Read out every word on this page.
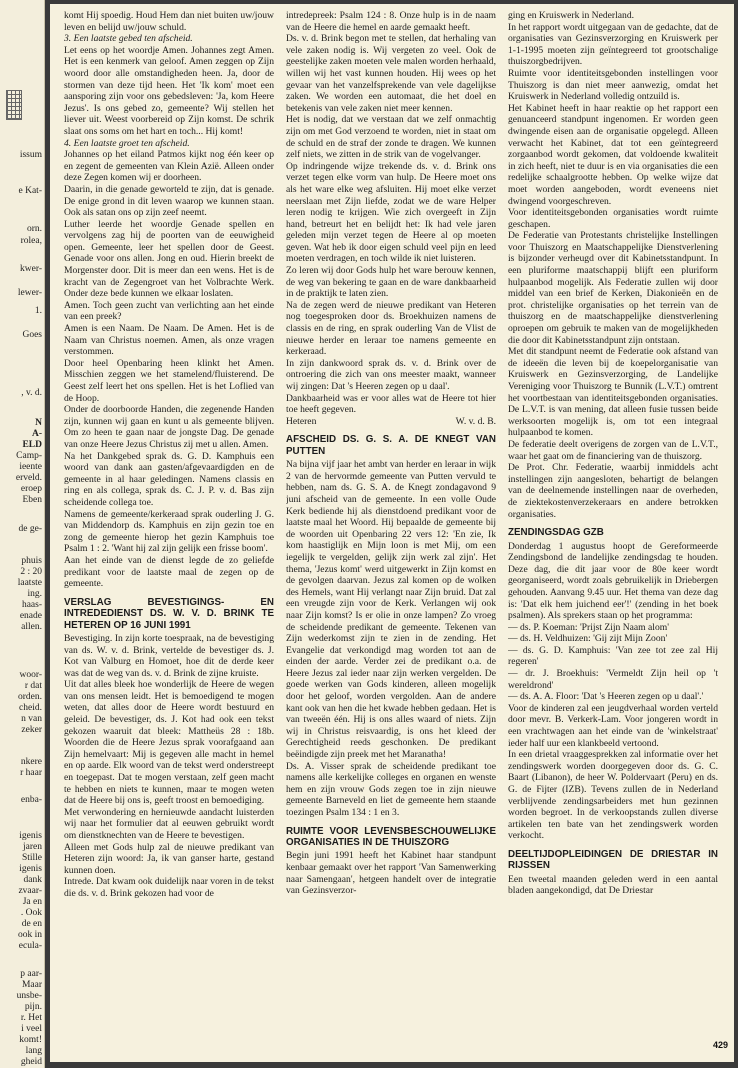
issum
e Kat-
orn.
rolea,
kwer-
lewer-
1.
Goes
, v. d.
N
A-
ELD
Camp-
ieente
erveld.
eroep
Eben
de ge-
phuis
2 : 20
laatste
ing.
haas-
enade
allen.
woor-
r dat
orden.
cheid.
n van
zeker
nkere
r haar
enba-
igenis
jaren
Stille
igenis
dank
zvaar-
Ja en
. Ook
de en
ook in
ecula-
p aar-
Maar
unsbe-
pijn.
r. Het
i veel
komt!
lang
gheid

komt Hij spoedig. Houd Hem dan niet buiten uw/jouw leven en belijd uw/jouw schuld.

3. Een laatste gebed ten afscheid.

Let eens op het woordje Amen. Johannes zegt Amen. Het is een kenmerk van geloof. Amen zeggen op Zijn woord door alle omstandigheden heen. Ja, door de stormen van deze tijd heen. Het 'Ik kom' moet een aansporing zijn voor ons gebedsleven: 'Ja, kom Heere Jezus'. Is ons gebed zo, gemeente? Wij stellen het liever uit. Weest voorbereid op Zijn komst. De schrik slaat ons soms om het hart en toch... Hij komt!

4. Een laatste groet ten afscheid.

Johannes op het eiland Patmos kijkt nog één keer op en zegent de gemeenten van Klein Azië. Alleen onder deze Zegen komen wij er doorheen.

Daarin, in die genade geworteld te zijn, dat is genade. De enige grond in dit leven waarop we kunnen staan. Ook als satan ons op zijn zeef neemt.

Luther leerde het woordje Genade spellen en vervolgens zag hij de poorten van de eeuwigheid open. Gemeente, leer het spellen door de Geest. Genade voor ons allen. Jong en oud. Hierin breekt de Morgenster door. Dit is meer dan een wens. Het is de kracht van de Zegengroet van het Volbrachte Werk. Onder deze bede kunnen we elkaar loslaten.

Amen. Toch geen zucht van verlichting aan het einde van een preek?

Amen is een Naam. De Naam. De Amen. Het is de Naam van Christus noemen. Amen, als onze vragen verstommen.

Door heel Openbaring heen klinkt het Amen. Misschien zeggen we het stamelend/fluisterend. De Geest zelf leert het ons spellen. Het is het Loflied van de Hoop.

Onder de doorboorde Handen, die zegenende Handen zijn, kunnen wij gaan en kunt u als gemeente blijven. Om zo heen te gaan naar de jongste Dag. De genade van onze Heere Jezus Christus zij met u allen. Amen.

Na het Dankgebed sprak ds. G. D. Kamphuis een woord van dank aan gasten/afgevaardigden en de gemeente in al haar geledingen. Namens classis en ring en als collega, sprak ds. C. J. P. v. d. Bas zijn scheidende collega toe.

Namens de gemeente/kerkeraad sprak ouderling J. G. van Middendorp ds. Kamphuis en zijn gezin toe en zong de gemeente hierop het gezin Kamphuis toe Psalm 1 : 2. 'Want hij zal zijn gelijk een frisse boom'.

Aan het einde van de dienst legde de zo geliefde predikant voor de laatste maal de zegen op de gemeente.

VERSLAG BEVESTIGINGS- EN INTREDEDIENST DS. W. V. D. BRINK TE HETEREN OP 16 JUNI 1991

Bevestiging. In zijn korte toespraak, na de bevestiging van ds. W. v. d. Brink, vertelde de bevestiger ds. J. Kot van Valburg en Homoet, hoe dit de derde keer was dat de weg van ds. v. d. Brink de zijne kruiste.

Uit dat alles bleek hoe wonderlijk de Heere de wegen van ons mensen leidt. Het is bemoedigend te mogen weten, dat alles door de Heere wordt bestuurd en geleid. De bevestiger, ds. J. Kot had ook een tekst gekozen waaruit dat bleek: Mattheüs 28 : 18b. Woorden die de Heere Jezus sprak voorafgaand aan Zijn hemelvaart: Mij is gegeven alle macht in hemel en op aarde. Elk woord van de tekst werd onderstreept en toegepast. Dat te mogen verstaan, zelf geen macht te hebben en niets te kunnen, maar te mogen weten dat de Heere bij ons is, geeft troost en bemoediging.

Met verwondering en hernieuwde aandacht luisterden wij naar het formulier dat al eeuwen gebruikt wordt om dienstknechten van de Heere te bevestigen.

Alleen met Gods hulp zal de nieuwe predikant van Heteren zijn woord: Ja, ik van ganser harte, gestand kunnen doen.

Intrede. Dat kwam ook duidelijk naar voren in de tekst die ds. v. d. Brink gekozen had voor de

intredepreek: Psalm 124 : 8. Onze hulp is in de naam van de Heere die hemel en aarde gemaakt heeft.

Ds. v. d. Brink begon met te stellen, dat herhaling van vele zaken nodig is. Wij vergeten zo veel. Ook de geestelijke zaken moeten vele malen worden herhaald, willen wij het vast kunnen houden. Hij wees op het gevaar van het vanzelfsprekende van vele dagelijkse zaken. We worden een automaat, die het doel en betekenis van vele zaken niet meer kennen.

Het is nodig, dat we verstaan dat we zelf onmachtig zijn om met God verzoend te worden, niet in staat om de schuld en de straf der zonde te dragen. We kunnen zelf niets, we zitten in de strik van de vogelvanger.

Op indringende wijze trekende ds. v. d. Brink ons verzet tegen elke vorm van hulp. De Heere moet ons als het ware elke weg afsluiten. Hij moet elke verzet neerslaan met Zijn liefde, zodat we de ware Helper leren nodig te krijgen. Wie zich overgeeft in Zijn hand, betreurt het en belijdt het: Ik had vele jaren geleden mijn verzet tegen de Heere al op moeten geven. Wat heb ik door eigen schuld veel pijn en leed moeten verdragen, en toch wilde ik niet luisteren.

Zo leren wij door Gods hulp het ware berouw kennen, de weg van bekering te gaan en de ware dankbaarheid in de praktijk te laten zien.

Na de zegen werd de nieuwe predikant van Heteren nog toegesproken door ds. Broekhuizen namens de classis en de ring, en sprak ouderling Van de Vlist de nieuwe herder en leraar toe namens gemeente en kerkeraad.

In zijn dankwoord sprak ds. v. d. Brink over de ontroering die zich van ons meester maakt, wanneer wij zingen: Dat 's Heeren zegen op u daal'.

Dankbaarheid was er voor alles wat de Heere tot hier toe heeft gegeven.

Heteren	W. v. d. B.
AFSCHEID DS. G. S. A. DE KNEGT VAN PUTTEN

Na bijna vijf jaar het ambt van herder en leraar in wijk 2 van de hervormde gemeente van Putten vervuld te hebben, nam ds. G. S. A. de Knegt zondagavond 9 juni afscheid van de gemeente. In een volle Oude Kerk bediende hij als dienstdoend predikant voor de laatste maal het Woord. Hij bepaalde de gemeente bij de woorden uit Openbaring 22 vers 12: 'En zie, Ik kom haastiglijk en Mijn loon is met Mij, om een iegelijk te vergelden, gelijk zijn werk zal zijn'. Het thema, 'Jezus komt' werd uitgewerkt in Zijn komst en de gevolgen daarvan. Jezus zal komen op de wolken des Hemels, want Hij verlangt naar Zijn bruid. Dat zal een vreugde zijn voor de Kerk. Verlangen wij ook naar Zijn komst? Is er olie in onze lampen? Zo vroeg de scheidende predikant de gemeente. Tekenen van Zijn wederkomst zijn te zien in de zending. Het Evangelie dat verkondigd mag worden tot aan de einden der aarde. Verder zei de predikant o.a. de Heere Jezus zal ieder naar zijn werken vergelden. De goede werken van Gods kinderen, alleen mogelijk door het geloof, worden vergolden. Aan de andere kant ook van hen die het kwade hebben gedaan. Het is van tweeën één. Hij is ons alles waard of niets. Zijn wij in Christus reisvaardig, is ons het kleed der Gerechtigheid reeds geschonken. De predikant beëindigde zijn preek met het Maranatha!

Ds. A. Visser sprak de scheidende predikant toe namens alle kerkelijke colleges en organen en wenste hem en zijn vrouw Gods zegen toe in zijn nieuwe gemeente Barneveld en liet de gemeente hem staande toezingen Psalm 134 : 1 en 3.

RUIMTE VOOR LEVENSBESCHOUWELIJKE ORGANISATIES IN DE THUISZORG

Begin juni 1991 heeft het Kabinet haar standpunt kenbaar gemaakt over het rapport 'Van Samenwerking naar Samengaan', hetgeen handelt over de integratie van Gezinsverzor-

ging en Kruiswerk in Nederland.

In het rapport wordt uitgegaan van de gedachte, dat de organisaties van Gezinsverzorging en Kruiswerk per 1-1-1995 moeten zijn geïntegreerd tot grootschalige thuiszorgbedrijven.

Ruimte voor identiteitsgebonden instellingen voor Thuiszorg is dan niet meer aanwezig, omdat het Kruiswerk in Nederland volledig ontzuild is.

Het Kabinet heeft in haar reaktie op het rapport een genuanceerd standpunt ingenomen. Er worden geen dwingende eisen aan de organisatie opgelegd. Alleen verwacht het Kabinet, dat tot een geïntegreerd zorgaanbod wordt gekomen, dat voldoende kwaliteit in zich heeft, niet te duur is en via organisaties die een redelijke schaalgrootte hebben. Op welke wijze dat moet worden aangeboden, wordt eveneens niet dwingend voorgeschreven.

Voor identiteitsgebonden organisaties wordt ruimte geschapen.

De Federatie van Protestants christelijke Instellingen voor Thuiszorg en Maatschappelijke Dienstverlening is bijzonder verheugd over dit Kabinetsstandpunt. In een pluriforme maatschappij blijft een pluriform hulpaanbod mogelijk. Als Federatie zullen wij door middel van een brief de Kerken, Diakonieën en de prot. christelijke organisaties op het terrein van de thuiszorg en de maatschappelijke dienstverlening oproepen om gebruik te maken van de mogelijkheden die door dit Kabinetsstandpunt zijn ontstaan.

Met dit standpunt neemt de Federatie ook afstand van de ideeën die leven bij de koepelorganisatie van Kruiswerk en Gezinsverzorging, de Landelijke Vereniging voor Thuiszorg te Bunnik (L.V.T.) omtrent het voortbestaan van identiteitsgebonden organisaties. De L.V.T. is van mening, dat alleen fusie tussen beide werksoorten mogelijk is, om tot een integraal hulpaanbod te komen.

De federatie deelt overigens de zorgen van de L.V.T., waar het gaat om de financiering van de thuiszorg.

De Prot. Chr. Federatie, waarbij inmiddels acht instellingen zijn aangesloten, behartigt de belangen van de deelnemende instellingen naar de overheden, de ziektekostenverzekeraars en andere betrokken organisaties.

ZENDINGSDAG GZB

Donderdag 1 augustus hoopt de Gereformeerde Zendingsbond de landelijke zendingsdag te houden. Deze dag, die dit jaar voor de 80e keer wordt georganiseerd, wordt zoals gebruikelijk in Driebergen gehouden. Aanvang 9.45 uur. Het thema van deze dag is: 'Dat elk hem juichend eer'!' (zending in het boek psalmen). Als sprekers staan op het programma:

— ds. P. Koeman: 'Prijst Zijn Naam alom'

— ds. H. Veldhuizen: 'Gij zijt Mijn Zoon'

— ds. G. D. Kamphuis: 'Van zee tot zee zal Hij regeren'

— dr. J. Broekhuis: 'Vermeldt Zijn heil op 't wereldrond'

— ds. A. A. Floor: 'Dat 's Heeren zegen op u daal'.'

Voor de kinderen zal een jeugdverhaal worden verteld door mevr. B. Verkerk-Lam. Voor jongeren wordt in een vrachtwagen aan het einde van de 'winkelstraat' ieder half uur een klankbeeld vertoond.

In een drietal vraaggesprekken zal informatie over het zendingswerk worden doorgegeven door ds. G. C. Baart (Libanon), de heer W. Poldervaart (Peru) en ds. G. de Fijter (IZB). Tevens zullen de in Nederland verblijvende zendingsarbeiders met hun gezinnen worden begroet. In de verkoopstands zullen diverse artikelen ten bate van het zendingswerk worden verkocht.

DEELTIJDOPLEIDINGEN DE DRIESTAR IN RIJSSEN

Een tweetal maanden geleden werd in een aantal bladen aangekondigd, dat De Driestar

429
